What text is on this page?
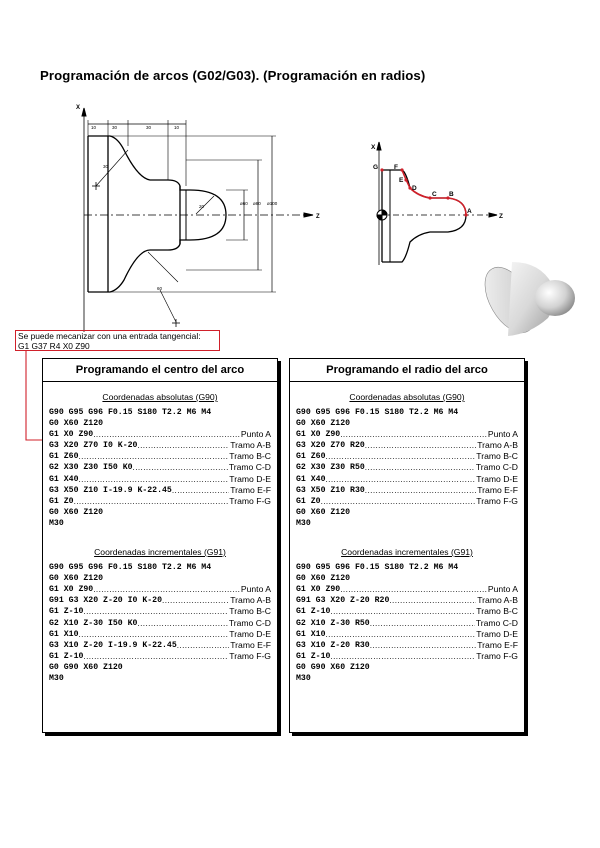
Programación de arcos (G02/G03). (Programación en radios)
10	30	30	10
30
20
ø60 ø80 ø100
60
X
Z
X
Z
G F
E
D
C B
A
Se puede mecanizar con una entrada tangencial:
G1 G37 R4 X0 Z90
Programando el centro del arco
Coordenadas absolutas (G90)
G90 G95 G96 F0.15 S180 T2.2 M6 M4
G0 X60 Z120
G1 X0 Z90 .....	Punto A
G3 X20 Z70 I0 K-20 .....	Tramo A-B
G1 Z60 .....	Tramo B-C
G2 X30 Z30 I50 K0 .....	Tramo C-D
G1 X40 .....	Tramo D-E
G3 X50 Z10 I-19.9 K-22.45 .....	Tramo E-F
G1 Z0 .....	Tramo F-G
G0 X60 Z120
M30
Coordenadas incrementales (G91)
G90 G95 G96 F0.15 S180 T2.2 M6 M4
G0 X60 Z120
G1 X0 Z90 .....	Punto A
G91 G3 X20 Z-20 I0 K-20 .....	Tramo A-B
G1 Z-10 .....	Tramo B-C
G2 X10 Z-30 I50 K0 .....	Tramo C-D
G1 X10 .....	Tramo D-E
G3 X10 Z-20 I-19.9 K-22.45 .....	Tramo E-F
G1 Z-10 .....	Tramo F-G
G0 G90 X60 Z120
M30
Programando el radio del arco
Coordenadas absolutas (G90)
G90 G95 G96 F0.15 S180 T2.2 M6 M4
G0 X60 Z120
G1 X0 Z90 .....	Punto A
G3 X20 Z70 R20 .....	Tramo A-B
G1 Z60 .....	Tramo B-C
G2 X30 Z30 R50 .....	Tramo C-D
G1 X40 .....	Tramo D-E
G3 X50 Z10 R30 .....	Tramo E-F
G1 Z0 .....	Tramo F-G
G0 X60 Z120
M30
Coordenadas incrementales (G91)
G90 G95 G96 F0.15 S180 T2.2 M6 M4
G0 X60 Z120
G1 X0 Z90 .....	Punto A
G91 G3 X20 Z-20 R20 .....	Tramo A-B
G1 Z-10 .....	Tramo B-C
G2 X10 Z-30 R50 .....	Tramo C-D
G1 X10 .....	Tramo D-E
G3 X10 Z-20 R30 .....	Tramo E-F
G1 Z-10 .....	Tramo F-G
G0 G90 X60 Z120
M30
